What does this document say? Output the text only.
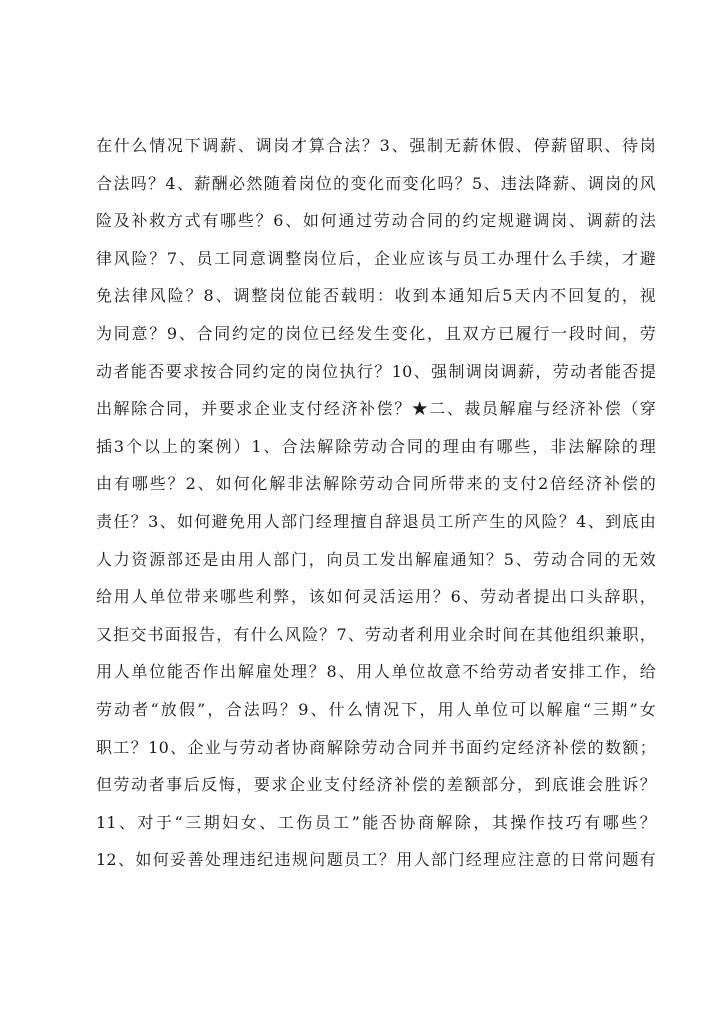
在什么情况下调薪、调岗才算合法？3、强制无薪休假、停薪留职、待岗
合法吗？4、薪酬必然随着岗位的变化而变化吗？5、违法降薪、调岗的风
险及补救方式有哪些？6、如何通过劳动合同的约定规避调岗、调薪的法
律风险？7、员工同意调整岗位后，企业应该与员工办理什么手续，才避
免法律风险？8、调整岗位能否载明：收到本通知后5天内不回复的，视
为同意？9、合同约定的岗位已经发生变化，且双方已履行一段时间，劳
动者能否要求按合同约定的岗位执行？10、强制调岗调薪，劳动者能否提
出解除合同，并要求企业支付经济补偿？★二、裁员解雇与经济补偿（穿
插3个以上的案例）1、合法解除劳动合同的理由有哪些，非法解除的理
由有哪些？2、如何化解非法解除劳动合同所带来的支付2倍经济补偿的
责任？3、如何避免用人部门经理擅自辞退员工所产生的风险？4、到底由
人力资源部还是由用人部门，向员工发出解雇通知？5、劳动合同的无效
给用人单位带来哪些利弊，该如何灵活运用？6、劳动者提出口头辞职，
又拒交书面报告，有什么风险？7、劳动者利用业余时间在其他组织兼职，
用人单位能否作出解雇处理？8、用人单位故意不给劳动者安排工作，给
劳动者“放假”，合法吗？9、什么情况下，用人单位可以解雇“三期”女
职工？10、企业与劳动者协商解除劳动合同并书面约定经济补偿的数额；
但劳动者事后反悔，要求企业支付经济补偿的差额部分，到底谁会胜诉？
11、对于“三期妇女、工伤员工”能否协商解除，其操作技巧有哪些？
12、如何妥善处理违纪违规问题员工？用人部门经理应注意的日常问题有
